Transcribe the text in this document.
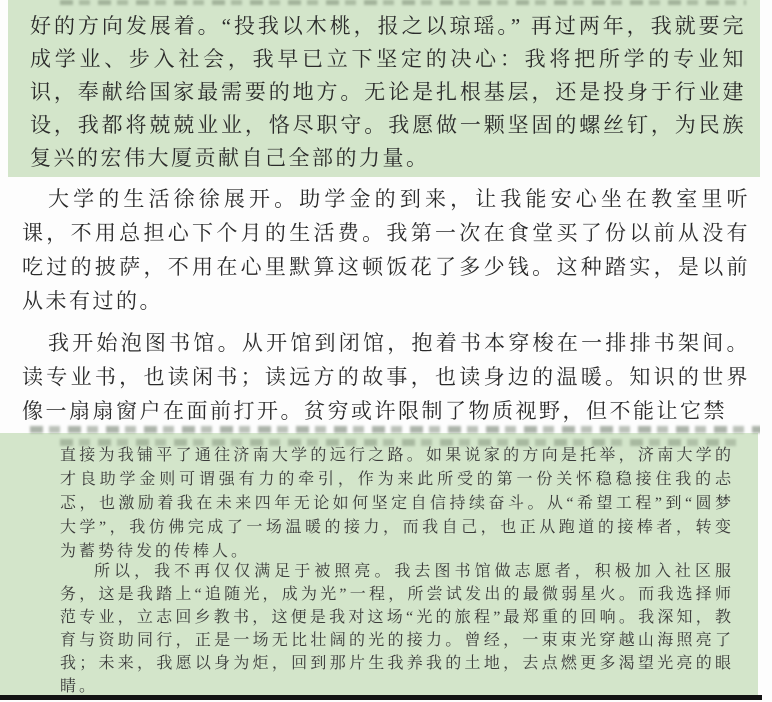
好的方向发展着。“投我以木桃，报之以琼瑶。” 再过两年，我就要完成学业、步入社会，我早已立下坚定的决心：我将把所学的专业知识，奉献给国家最需要的地方。无论是扎根基层，还是投身于行业建设，我都将兢兢业业，恪尽职守。我愿做一颗坚固的螺丝钉，为民族复兴的宏伟大厦贡献自己全部的力量。
大学的生活徐徐展开。助学金的到来，让我能安心坐在教室里听课，不用总担心下个月的生活费。我第一次在食堂买了份以前从没有吃过的披萨，不用在心里默算这顿饭花了多少钱。这种踏实，是以前从未有过的。
我开始泡图书馆。从开馆到闭馆，抱着书本穿梭在一排排书架间。读专业书，也读闲书；读远方的故事，也读身边的温暖。知识的世界像一扇扇窗户在面前打开。贫穷或许限制了物质视野，但不能让它禁
直接为我铺平了通往济南大学的远行之路。如果说家的方向是托举，济南大学的才良助学金则可谓强有力的牵引，作为来此所受的第一份关怀稳稳接住我的忐忑，也激励着我在未来四年无论如何坚定自信持续奋斗。从“希望工程”到“圆梦大学”，我仿佛完成了一场温暖的接力，而我自己，也正从跑道的接棒者，转变为蓄势待发的传棒人。
所以，我不再仅仅满足于被照亮。我去图书馆做志愿者，积极加入社区服务，这是我踏上“追随光，成为光”一程，所尝试发出的最微弱星火。而我选择师范专业，立志回乡教书，这便是我对这场“光的旅程”最郑重的回响。我深知，教育与资助同行，正是一场无比壮阔的光的接力。曾经，一束束光穿越山海照亮了我；未来，我愿以身为炬，回到那片生我养我的土地，去点燃更多渴望光亮的眼睛。
